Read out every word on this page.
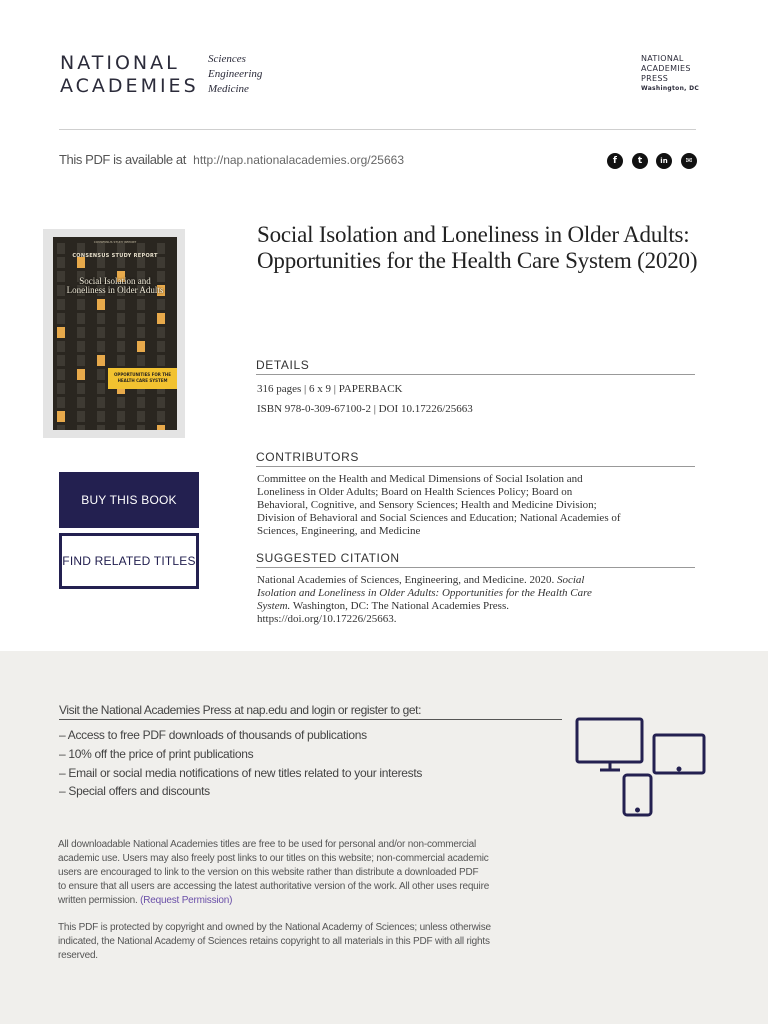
NATIONAL
ACADEMIES
Sciences
Engineering
Medicine
NATIONAL
ACADEMIES
PRESS
Washington, DC
This PDF is available at http://nap.nationalacademies.org/25663	f	t	in	✉
CONSENSUS STUDY REPORT
CONSENSUS STUDY REPORT
Social Isolation and Loneliness in Older Adults
OPPORTUNITIES FOR THE HEALTH CARE SYSTEM
BUY THIS BOOK
FIND RELATED TITLES
Social Isolation and Loneliness in Older Adults: Opportunities for the Health Care System (2020)
DETAILS
316 pages | 6 x 9 | PAPERBACK
ISBN 978-0-309-67100-2 | DOI 10.17226/25663
CONTRIBUTORS
Committee on the Health and Medical Dimensions of Social Isolation and
Loneliness in Older Adults; Board on Health Sciences Policy; Board on
Behavioral, Cognitive, and Sensory Sciences; Health and Medicine Division;
Division of Behavioral and Social Sciences and Education; National Academies of
Sciences, Engineering, and Medicine
SUGGESTED CITATION
National Academies of Sciences, Engineering, and Medicine. 2020. Social
Isolation and Loneliness in Older Adults: Opportunities for the Health Care
System. Washington, DC: The National Academies Press.
https://doi.org/10.17226/25663.
Visit the National Academies Press at nap.edu and login or register to get:
– Access to free PDF downloads of thousands of publications
– 10% off the price of print publications
– Email or social media notifications of new titles related to your interests
– Special offers and discounts
All downloadable National Academies titles are free to be used for personal and/or non-commercial
academic use. Users may also freely post links to our titles on this website; non-commercial academic
users are encouraged to link to the version on this website rather than distribute a downloaded PDF
to ensure that all users are accessing the latest authoritative version of the work. All other uses require
written permission. (Request Permission)
This PDF is protected by copyright and owned by the National Academy of Sciences; unless otherwise
indicated, the National Academy of Sciences retains copyright to all materials in this PDF with all rights
reserved.
